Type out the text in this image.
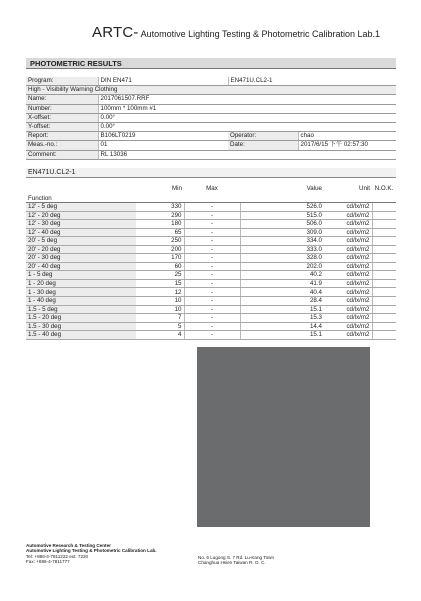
ARTC- Automotive Lighting Testing & Photometric Calibration Lab.1
PHOTOMETRIC RESULTS
Program:	DIN EN471	EN471U.CL2-1	
High - Visibility Warning Clothing			
Name:	2017061507.RRF		
Number:	100mm * 100mm #1		
X-offset:	0.00°		
Y-offset:	0.00°		
Report:	B106LT0219	Operator:	chao
Meas.-no.:	01	Date:	2017/6/15 下午 02:57:30
Comment:	RL 13036		
EN471U.CL2-1
Function	Min	Max	Value	Unit	N.O.K.
12' - 5 deg	330	-	526.0	cd/lx/m2	
12' - 20 deg	290	-	515.0	cd/lx/m2	
12' - 30 deg	180	-	506.0	cd/lx/m2	
12' - 40 deg	65	-	309.0	cd/lx/m2	
20' - 5 deg	250	-	334.0	cd/lx/m2	
20' - 20 deg	200	-	333.0	cd/lx/m2	
20' - 30 deg	170	-	328.0	cd/lx/m2	
20' - 40 deg	60	-	202.0	cd/lx/m2	
1 - 5 deg	25	-	40.2	cd/lx/m2	
1 - 20 deg	15	-	41.9	cd/lx/m2	
1 - 30 deg	12	-	40.4	cd/lx/m2	
1 - 40 deg	10	-	28.4	cd/lx/m2	
1.5 - 5 deg	10	-	15.1	cd/lx/m2	
1.5 - 20 deg	7	-	15.3	cd/lx/m2	
1.5 - 30 deg	5	-	14.4	cd/lx/m2	
1.5 - 40 deg	4	-	15.1	cd/lx/m2	
Automotive Research & Testing Center
Automotive Lighting Testing & Photometric Calibration Lab.
Tel: +886-4-7811222 ext. 7220
Fax: +886-4-7811777
No. 6 Lugong S. 7 Rd. Lu-Kang Town
Changhua Hsien Taiwan R. O. C.
